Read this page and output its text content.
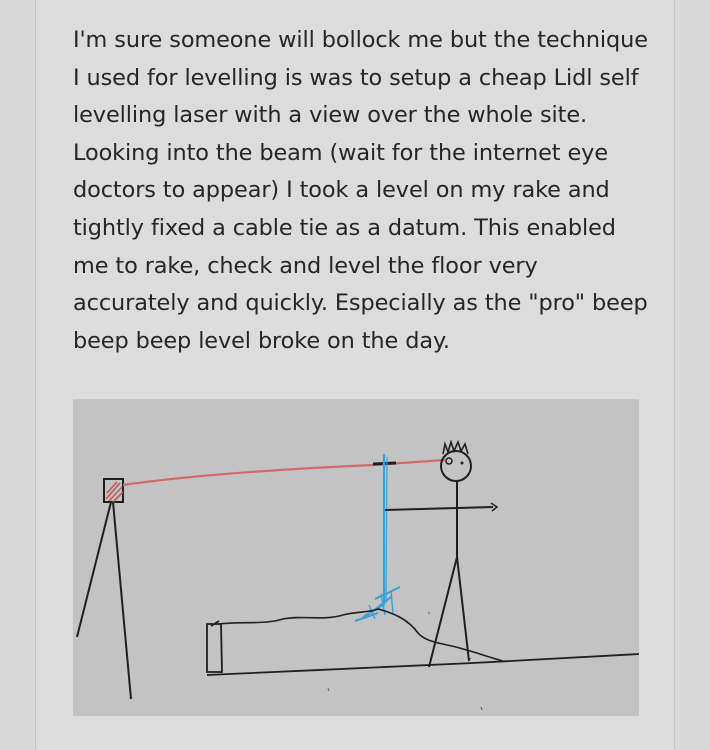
I'm sure someone will bollock me but the technique I used for levelling is was to setup a cheap Lidl self levelling laser with a view over the whole site. Looking into the beam (wait for the internet eye doctors to appear) I took a level on my rake and tightly fixed a cable tie as a datum. This enabled me to rake, check and level the floor very accurately and quickly. Especially as the "pro" beep beep beep level broke on the day.
